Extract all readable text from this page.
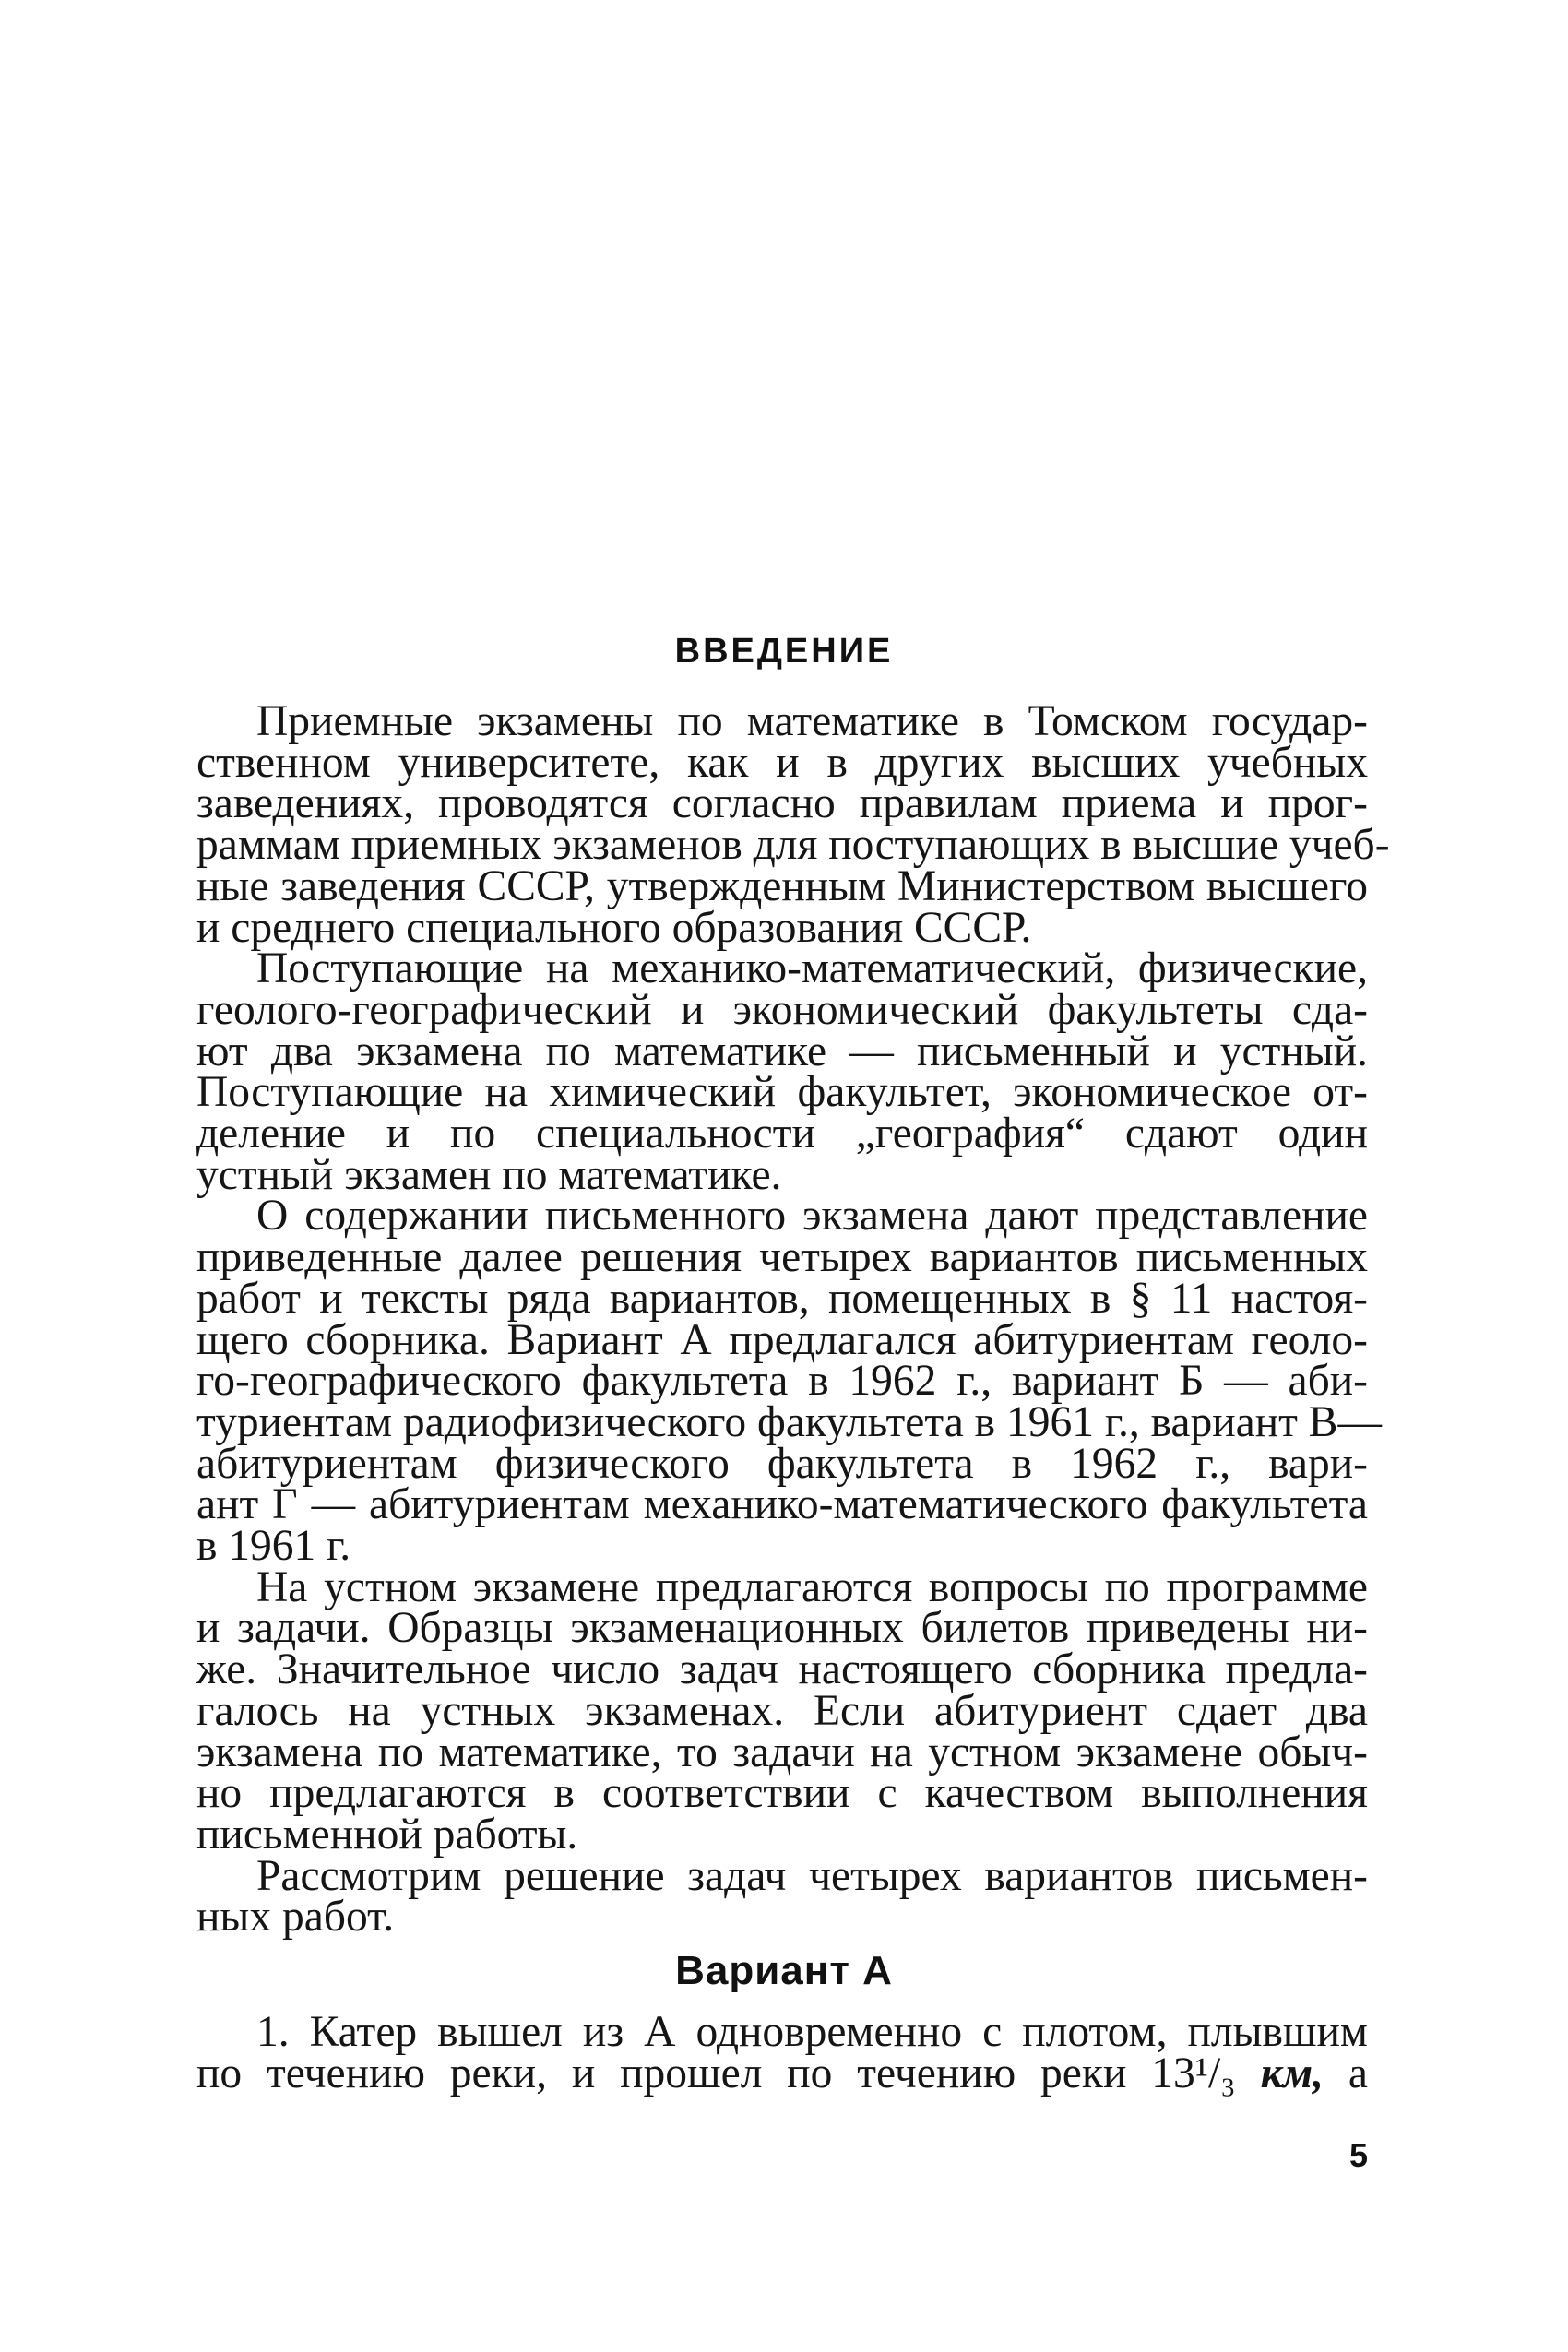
ВВЕДЕНИЕ
Приемные экзамены по математике в Томском государ-
ственном университете, как и в других высших учебных
заведениях, проводятся согласно правилам приема и прог-
раммам приемных экзаменов для поступающих в высшие учеб-
ные заведения СССР, утвержденным Министерством высшего
и среднего специального образования СССР.
Поступающие на механико-математический, физические,
геолого-географический и экономический факультеты сда-
ют два экзамена по математике — письменный и устный.
Поступающие на химический факультет, экономическое от-
деление и по специальности „география“ сдают один
устный экзамен по математике.
О содержании письменного экзамена дают представление
приведенные далее решения четырех вариантов письменных
работ и тексты ряда вариантов, помещенных в § 11 настоя-
щего сборника. Вариант А предлагался абитуриентам геоло-
го-географического факультета в 1962 г., вариант Б — аби-
туриентам радиофизического факультета в 1961 г., вариант В—
абитуриентам физического факультета в 1962 г., вари-
ант Г — абитуриентам механико-математического факультета
в 1961 г.
На устном экзамене предлагаются вопросы по программе
и задачи. Образцы экзаменационных билетов приведены ни-
же. Значительное число задач настоящего сборника предла-
галось на устных экзаменах. Если абитуриент сдает два
экзамена по математике, то задачи на устном экзамене обыч-
но предлагаются в соответствии с качеством выполнения
письменной работы.
Рассмотрим решение задач четырех вариантов письмен-
ных работ.
Вариант А
1. Катер вышел из А одновременно с плотом, плывшим
по течению реки, и прошел по течению реки 13¹/₃ км, а
5
